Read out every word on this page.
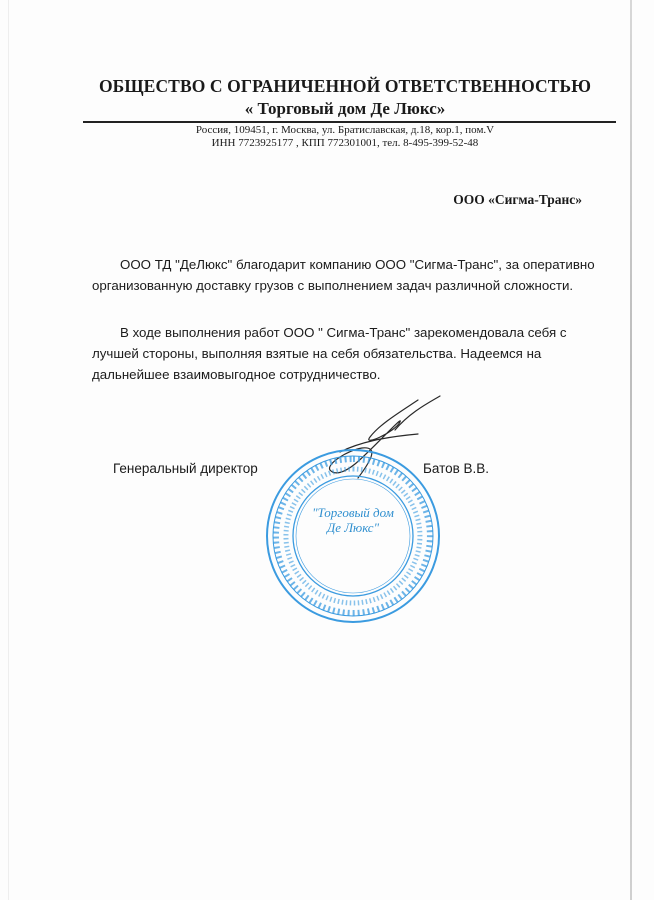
ОБЩЕСТВО С ОГРАНИЧЕННОЙ ОТВЕТСТВЕННОСТЬЮ
« Торговый дом Де Люкс»
Россия, 109451, г. Москва, ул. Братиславская, д.18, кор.1, пом.V
ИНН 7723925177 , КПП 772301001, тел. 8-495-399-52-48
ООО «Сигма-Транс»
ООО ТД "ДеЛюкс" благодарит компанию ООО "Сигма-Транс", за оперативно организованную доставку грузов с выполнением задач различной сложности.
В ходе выполнения работ ООО " Сигма-Транс" зарекомендовала себя с лучшей стороны, выполняя взятые на себя обязательства. Надеемся на дальнейшее взаимовыгодное сотрудничество.
Генеральный директор	Батов В.В.
"Торговый дом
Де Люкс"
